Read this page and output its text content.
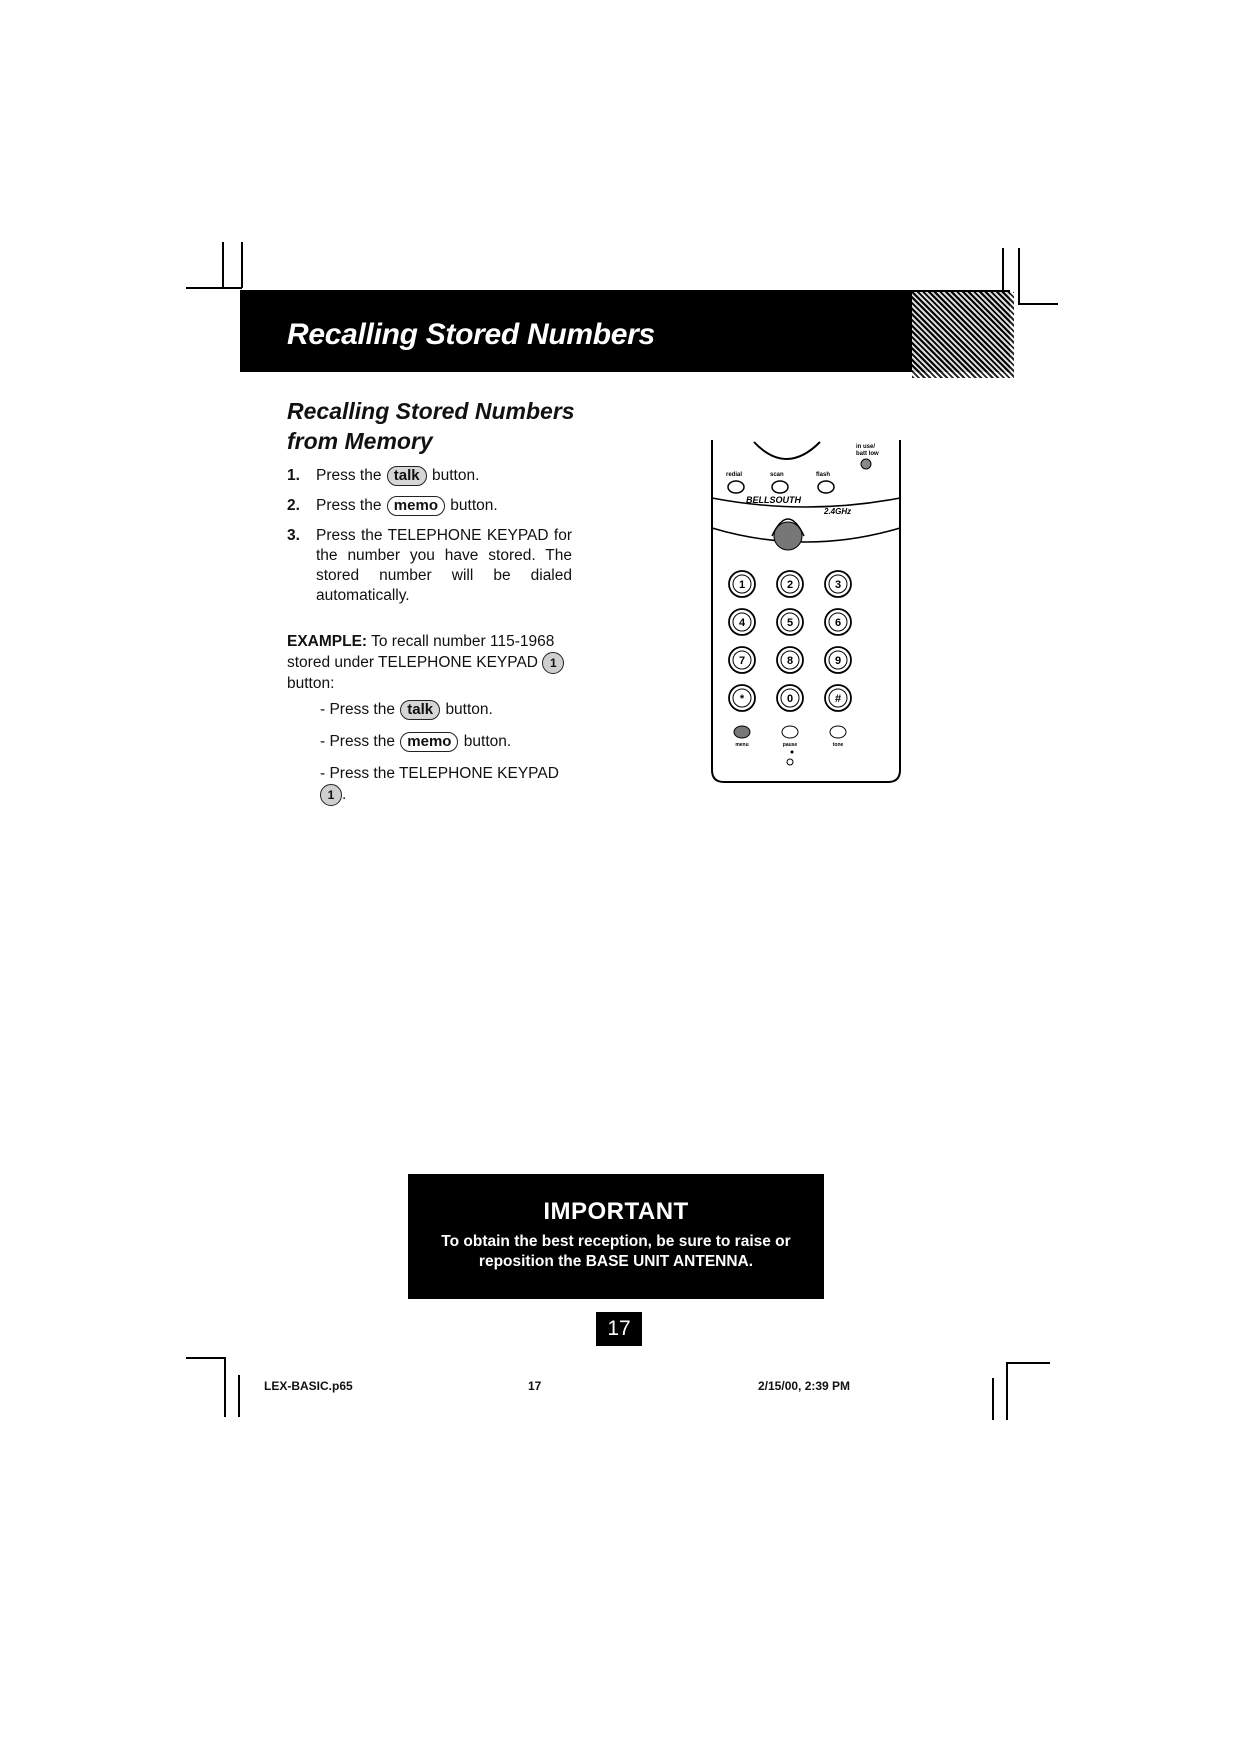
Recalling Stored Numbers
Recalling Stored Numbers
from Memory
1. Press the talk button.
2. Press the memo button.
3. Press the TELEPHONE KEYPAD for the number you have stored. The stored number will be dialed automatically.
EXAMPLE: To recall number 115-1968 stored under TELEPHONE KEYPAD 1 button:
- Press the talk button.
- Press the memo button.
- Press the TELEPHONE KEYPAD
1 .
in use/
batt low
redial	scan	flash
BELLSOUTH
2.4GHz
1	2	3
4	5	6
7	8	9
*	0	#
menu	pause	tone
IMPORTANT
To obtain the best reception, be sure to raise or
reposition the BASE UNIT ANTENNA.
17
LEX-BASIC.p65	17	2/15/00, 2:39 PM
